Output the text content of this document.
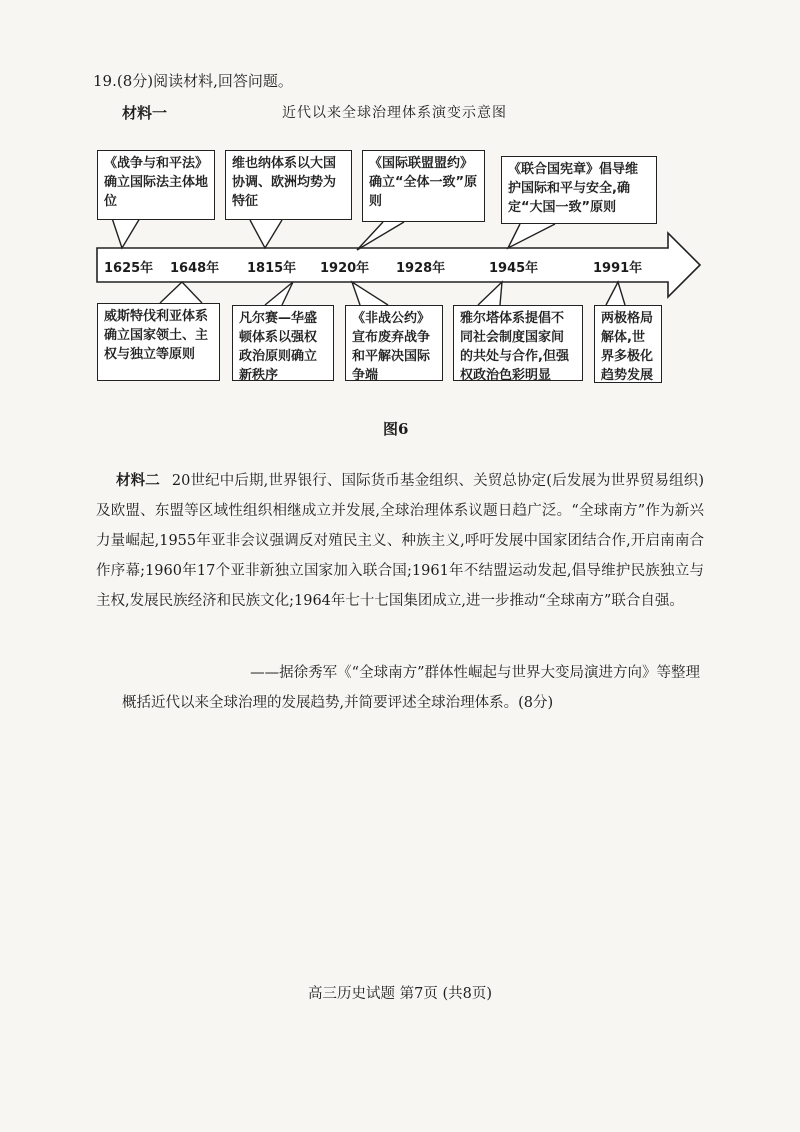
19.(8分)阅读材料,回答问题。
材料一	近代以来全球治理体系演变示意图
《战争与和平法》确立国际法主体地位
维也纳体系以大国协调、欧洲均势为特征
《国际联盟盟约》确立“全体一致”原则
《联合国宪章》倡导维护国际和平与安全,确定“大国一致”原则
1625年 1648年 1815年 1920年 1928年	1945年	1991年
威斯特伐利亚体系确立国家领土、主权与独立等原则
凡尔赛—华盛顿体系以强权政治原则确立新秩序
《非战公约》宣布废弃战争和平解决国际争端
雅尔塔体系提倡不同社会制度国家间的共处与合作,但强权政治色彩明显
两极格局解体,世界多极化趋势发展
图6
材料二 20世纪中后期,世界银行、国际货币基金组织、关贸总协定(后发展为世界贸易组织)及欧盟、东盟等区域性组织相继成立并发展,全球治理体系议题日趋广泛。“全球南方”作为新兴力量崛起,1955年亚非会议强调反对殖民主义、种族主义,呼吁发展中国家团结合作,开启南南合作序幕;1960年17个亚非新独立国家加入联合国;1961年不结盟运动发起,倡导维护民族独立与主权,发展民族经济和民族文化;1964年七十七国集团成立,进一步推动“全球南方”联合自强。
——据徐秀军《“全球南方”群体性崛起与世界大变局演进方向》等整理
概括近代以来全球治理的发展趋势,并简要评述全球治理体系。(8分)
高三历史试题 第7页 (共8页)
